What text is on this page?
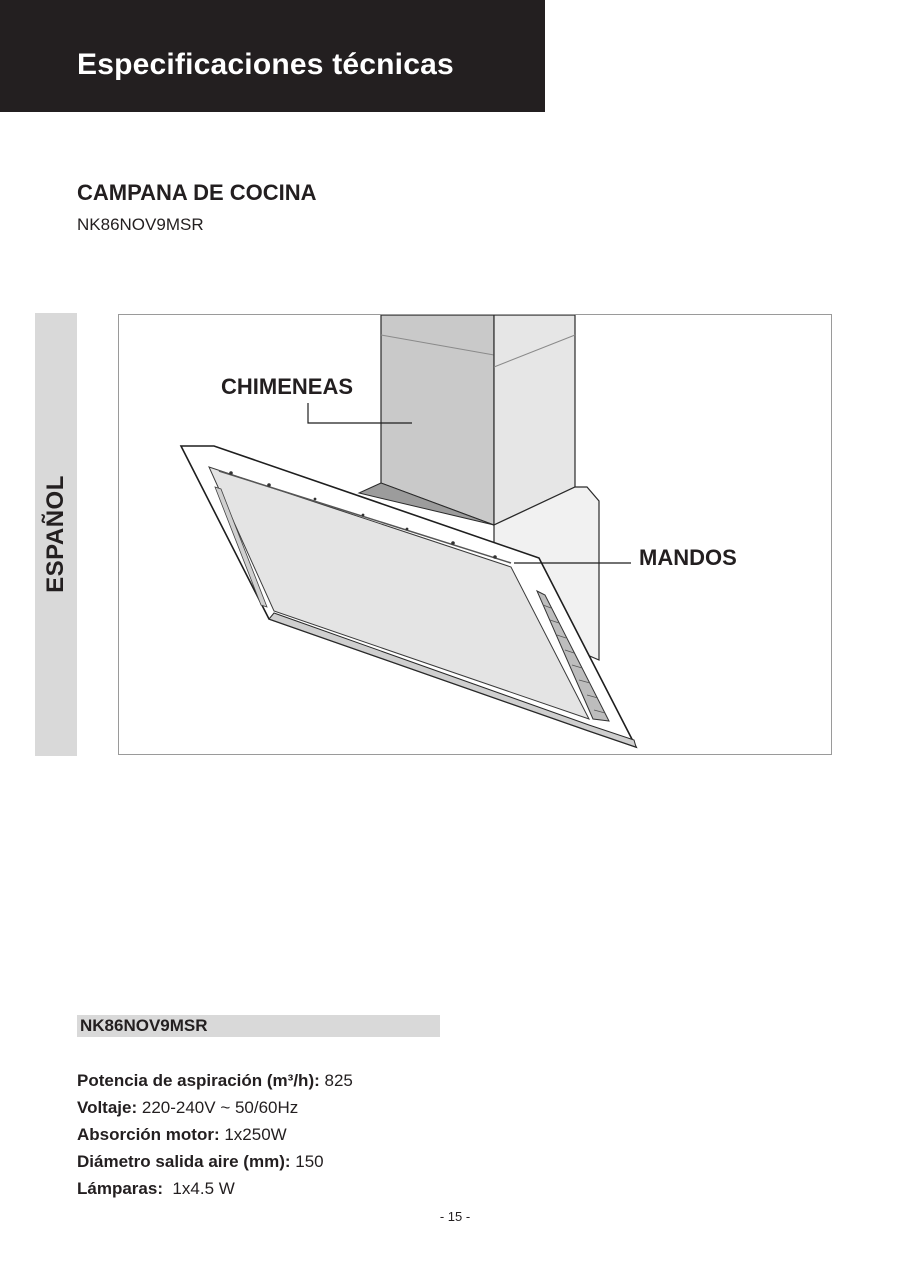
Especificaciones técnicas
CAMPANA DE COCINA
NK86NOV9MSR
ESPAÑOL
CHIMENEAS
MANDOS
NK86NOV9MSR
Potencia de aspiración (m³/h): 825
Voltaje: 220-240V ~ 50/60Hz
Absorción motor: 1x250W
Diámetro salida aire (mm): 150
Lámparas:  1x4.5 W
- 15 -
